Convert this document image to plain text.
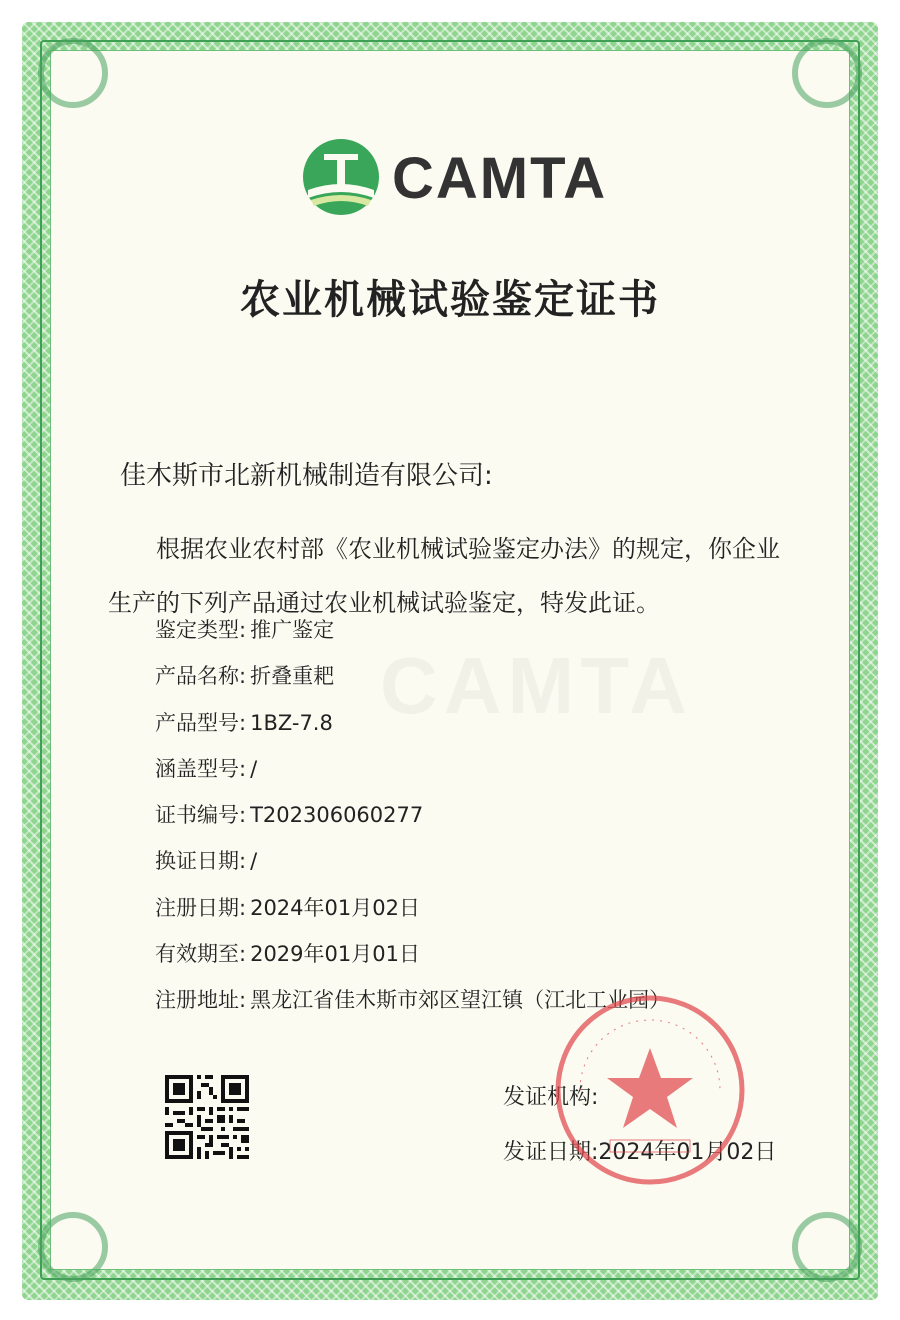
CAMTA
CAMTA
农业机械试验鉴定证书
佳木斯市北新机械制造有限公司:
根据农业农村部《农业机械试验鉴定办法》的规定，你企业生产的下列产品通过农业机械试验鉴定，特发此证。
鉴定类型: 推广鉴定
产品名称: 折叠重耙
产品型号: 1BZ-7.8
涵盖型号: /
证书编号: T202306060277
换证日期: /
注册日期: 2024年01月02日
有效期至: 2029年01月01日
注册地址: 黑龙江省佳木斯市郊区望江镇（江北工业园）
发证机构:
发证日期:2024年01月02日
